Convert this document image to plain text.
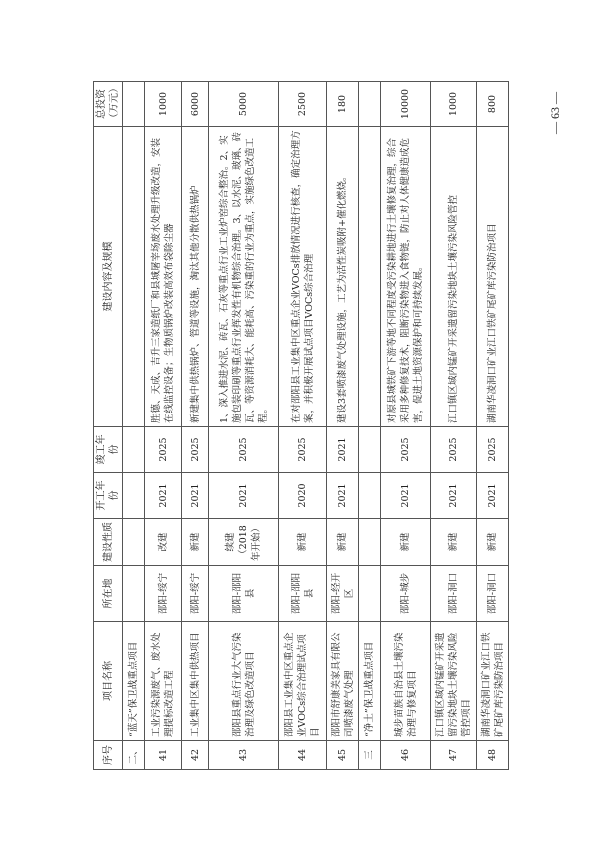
序号	项目名称	所在地	建设性质	开工年份	竣工年份	建设内容及规模	总投资（万元）
二、	“蓝天”保卫战重点项目						
41	工业污染源废气、废水处理提标改造工程	邵阳-绥宁	改建	2021	2025	胜德、天成、吉升三家造纸厂和县城屠宰场废水处理升级改造，安装在线监控设备；生物质锅炉改装高效布袋除尘器	1000
42	工业集中区集中供热项目	邵阳-绥宁	新建	2021	2025	新建集中供热锅炉、管道等设施，淘汰其他分散供热锅炉	6000
43	邵阳县重点行业大气污染治理及绿色改造项目	邵阳-邵阳县	续建（2018年开始）	2021	2025	1、深入推进水泥、砖瓦、石灰等重点行业工业炉窑综合整治。2、实施包装印刷等重点行业挥发性有机物综合治理。3、以水泥、玻璃、砖瓦、等资源消耗大、能耗高、污染重的行业为重点，实施绿色改造工程。	5000
44	邵阳县工业集中区重点企业VOCs综合治理试点项目	邵阳-邵阳县	新建	2020	2025	在对邵阳县工业集中区重点企业VOCs排放情况进行核查，确定治理方案，并积极开展试点项目VOCs综合治理	2500
45	邵阳市舒康美家具有限公司喷漆废气处理	邵阳-经开区	新建	2021	2021	建设3套喷漆废气处理设施，工艺为活性炭吸附+催化燃烧。	180
三	“净土”保卫战重点项目						
46	城步苗族自治县土壤污染治理与修复项目	邵阳-城步	新建	2021	2025	对原县城铁矿下游等地不同程度受污染耕地进行土壤修复治理，综合采用多种修复技术，阻断污染物进入食物链，防止对人体健康造成危害，促进土地资源保护和可持续发展。	10000
47	江口镇区域内锰矿开采遗留污染地块土壤污染风险管控项目	邵阳-洞口	新建	2021	2025	江口镇区域内锰矿开采遗留污染地块土壤污染风险管控	1000
48	湖南华凌洞口矿业江口铁矿尾矿库污染防治项目	邵阳-洞口	新建	2021	2025	湖南华凌洞口矿业江口铁矿尾矿库污染防治项目	800	— 63 —
